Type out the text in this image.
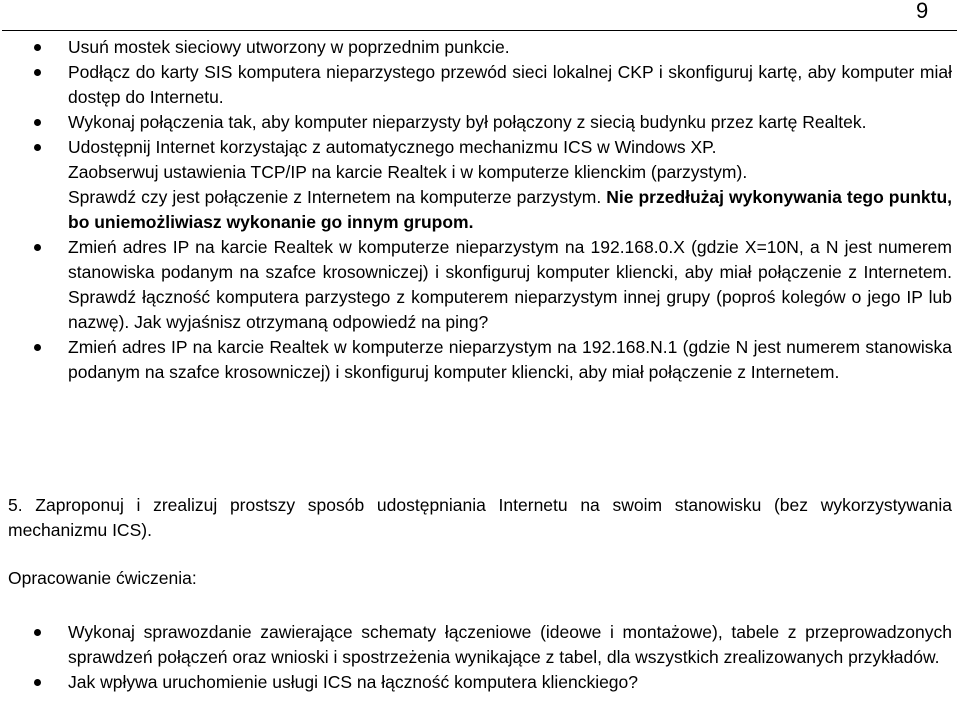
9
Usuń mostek sieciowy utworzony w poprzednim punkcie.
Podłącz do karty SIS komputera nieparzystego przewód sieci lokalnej CKP i skonfiguruj kartę, aby komputer miał dostęp do Internetu.
Wykonaj połączenia tak, aby komputer nieparzysty był połączony z siecią budynku przez kartę Realtek.
Udostępnij Internet korzystając z automatycznego mechanizmu ICS w Windows XP.
Zaobserwuj ustawienia TCP/IP na karcie Realtek i w komputerze klienckim (parzystym).
Sprawdź czy jest połączenie z Internetem na komputerze parzystym. Nie przedłużaj wykonywania tego punktu, bo uniemożliwiasz wykonanie go innym grupom.
Zmień adres IP na karcie Realtek w komputerze nieparzystym na 192.168.0.X (gdzie X=10N, a N jest numerem stanowiska podanym na szafce krosowniczej) i skonfiguruj komputer kliencki, aby miał połączenie z Internetem. Sprawdź łączność komputera parzystego z komputerem nieparzystym innej grupy (poproś kolegów o jego IP lub nazwę). Jak wyjaśnisz otrzymaną odpowiedź na ping?
Zmień adres IP na karcie Realtek w komputerze nieparzystym na 192.168.N.1 (gdzie N jest numerem stanowiska podanym na szafce krosowniczej) i skonfiguruj komputer kliencki, aby miał połączenie z Internetem.
5. Zaproponuj i zrealizuj prostszy sposób udostępniania Internetu na swoim stanowisku (bez wykorzystywania mechanizmu ICS).
Opracowanie ćwiczenia:
Wykonaj sprawozdanie zawierające schematy łączeniowe (ideowe i montażowe), tabele z przeprowadzonych sprawdzeń połączeń oraz wnioski i spostrzeżenia wynikające z tabel, dla wszystkich zrealizowanych przykładów.
Jak wpływa uruchomienie usługi ICS na łączność komputera klienckiego?
